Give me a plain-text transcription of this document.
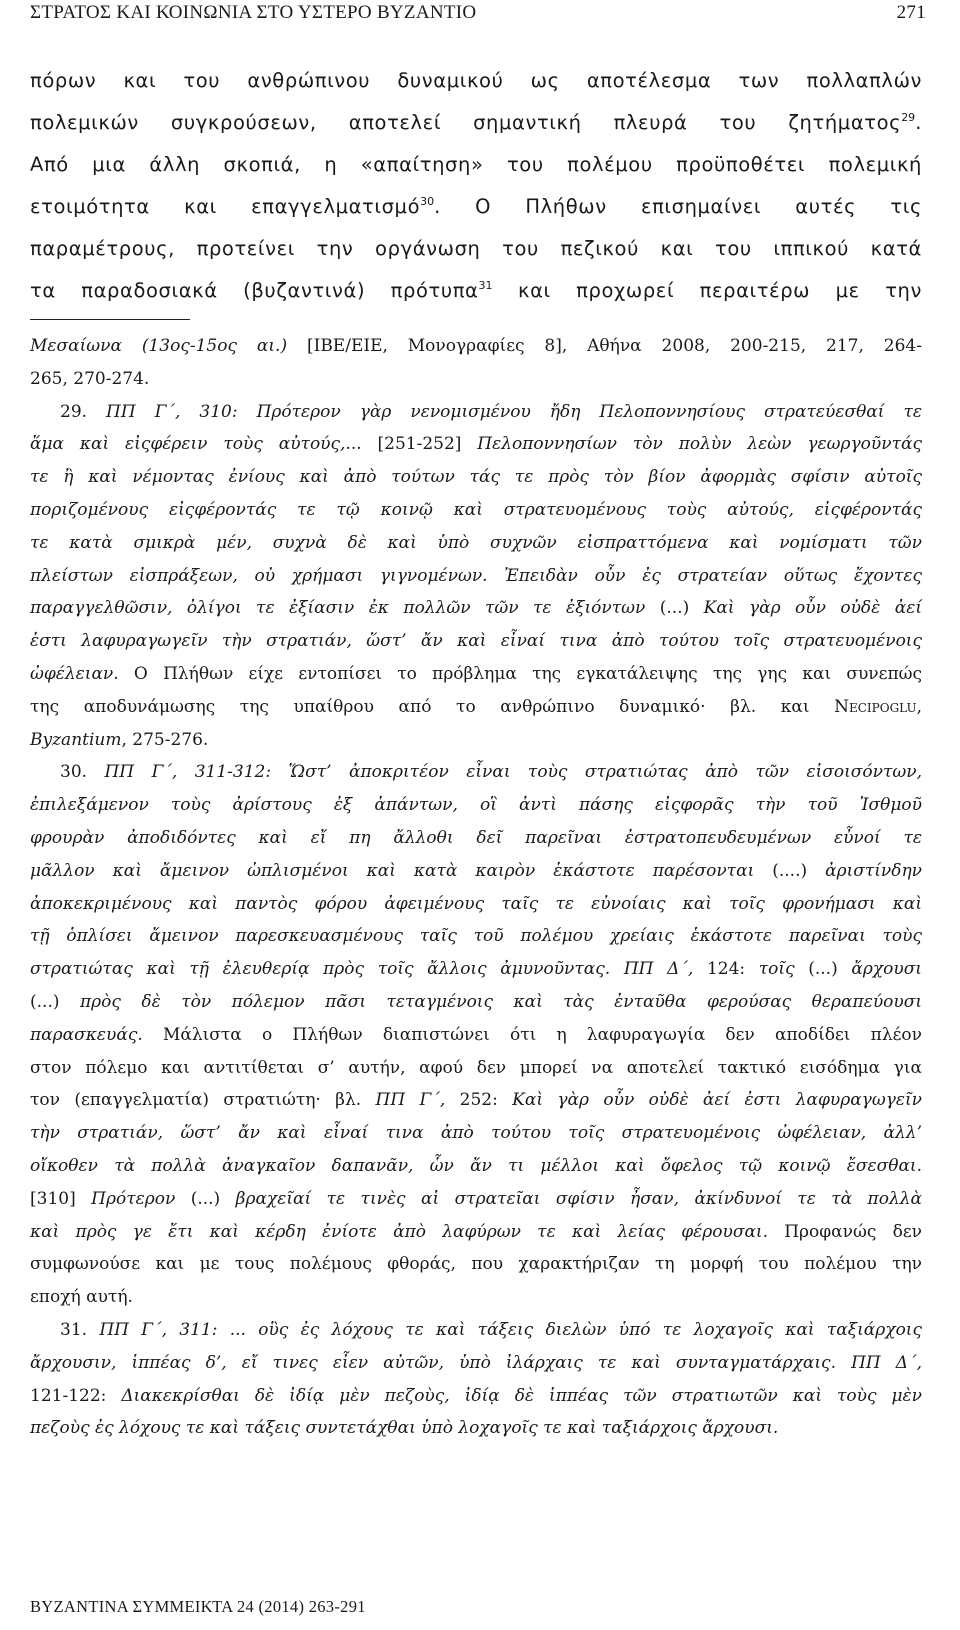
ΣΤΡΑΤΟΣ ΚΑΙ ΚΟΙΝΩΝΙΑ ΣΤΟ ΥΣΤΕΡΟ ΒΥΖΑΝΤΙΟ	271
πόρων και του ανθρώπινου δυναμικού ως αποτέλεσμα των πολλαπλών
πολεμικών συγκρούσεων, αποτελεί σημαντική πλευρά του ζητήματος$^{29}$.
Από μια άλλη σκοπιά, η «απαίτηση» του πολέμου προϋποθέτει πολεμική
ετοιμότητα και επαγγελματισμό$^{30}$. Ο Πλήθων επισημαίνει αυτές τις
παραμέτρους, προτείνει την οργάνωση του πεζικού και του ιππικού κατά
τα παραδοσιακά (βυζαντινά) πρότυπα$^{31}$ και προχωρεί περαιτέρω με την
Μεσαίωνα (13ος-15ος αι.) [ΙΒΕ/ΕΙΕ, Μονογραφίες 8], Αθήνα 2008, 200-215, 217, 264-
265, 270-274.
29. ΠΠ Γ΄, 310: Πρότερον γὰρ νενομισμένου ἤδη Πελοποννησίους στρατεύεσθαί τε
ἅμα καὶ εἰςφέρειν τοὺς αὐτούς,... [251-252] Πελοποννησίων τὸν πολὺν λεὼν γεωργοῦντάς
τε ἢ καὶ νέμοντας ἐνίους καὶ ἀπὸ τούτων τάς τε πρὸς τὸν βίον ἀφορμὰς σφίσιν αὐτοῖς
πoριζομένους εἰςφέροντάς τε τῷ κοινῷ καὶ στρατευομένους τοὺς αὐτούς, εἰςφέροντάς
τε κατὰ σμικρὰ μέν, συχνὰ δὲ καὶ ὑπὸ συχνῶν εἰσπραττόμενα καὶ νομίσματι τῶν
πλείστων εἰσπράξεων, οὐ χρήμασι γιγνομένων. Ἐπειδὰν οὖν ἐς στρατείαν οὕτως ἔχοντες
παραγγελθῶσιν, ὀλίγοι τε ἐξίασιν ἐκ πολλῶν τῶν τε ἐξιόντων (...) Καὶ γὰρ οὖν οὐδὲ ἀεί
ἐστι λαφυραγωγεῖν τὴν στρατιάν, ὥστ’ ἄν καὶ εἶναί τινα ἀπὸ τούτου τοῖς στρατευομένοις
ὠφέλειαν. Ο Πλήθων είχε εντοπίσει το πρόβλημα της εγκατάλειψης της γης και συνεπώς
της αποδυνάμωσης της υπαίθρου από το ανθρώπινο δυναμικό· βλ. και Necipoglu,
Byzantium, 275-276.
30. ΠΠ Γ΄, 311-312: Ὥστ’ ἀποκριτέον εἶναι τοὺς στρατιώτας ἀπὸ τῶν εἰσοισόντων,
ἐπιλεξάμενον τοὺς ἀρίστους ἐξ ἁπάντων, οἳ ἀντὶ πάσης εἰςφορᾶς τὴν τοῦ Ἰσθμοῦ
φρουρὰν ἀποδιδόντες καὶ εἴ πη ἄλλοθι δεῖ παρεῖναι ἐστρατοπευδευμένων εὖνοί τε
μᾶλλον καὶ ἄμεινον ὡπλισμένοι καὶ κατὰ καιρὸν ἑκάστοτε παρέσονται (....) ἀριστίνδην
ἀποκεκριμένους καὶ παντὸς φόρου ἀφειμένους ταῖς τε εὐνοίαις καὶ τοῖς φρονήμασι καὶ
τῇ ὁπλίσει ἄμεινον παρεσκευασμένους ταῖς τοῦ πολέμου χρείαις ἑκάστοτε παρεῖναι τοὺς
στρατιώτας καὶ τῇ ἐλευθερίᾳ πρὸς τοῖς ἄλλοις ἀμυνοῦντας. ΠΠ Δ΄, 124: τοῖς (...) ἄρχουσι
(...) πρὸς δὲ τὸν πόλεμον πᾶσι τεταγμένοις καὶ τὰς ἐνταῦθα φερούσας θεραπεύουσι
παρασκευάς. Μάλιστα ο Πλήθων διαπιστώνει ότι η λαφυραγωγία δεν αποδίδει πλέον
στον πόλεμο και αντιτίθεται σ’ αυτήν, αφού δεν μπορεί να αποτελεί τακτικό εισόδημα για
τον (επαγγελματία) στρατιώτη· βλ. ΠΠ Γ΄, 252: Καὶ γὰρ οὖν οὐδὲ ἀεί ἐστι λαφυραγωγεῖν
τὴν στρατιάν, ὥστ’ ἄν καὶ εἶναί τινα ἀπὸ τούτου τοῖς στρατευομένοις ὠφέλειαν, ἀλλ’
οἴκοθεν τὰ πολλὰ ἀναγκαῖον δαπανᾶν, ὧν ἄν τι μέλλοι καὶ ὄφελος τῷ κοινῷ ἔσεσθαι.
[310] Πρότερον (...) βραχεῖαί τε τινὲς αἱ στρατεῖαι σφίσιν ἦσαν, ἀκίνδυνοί τε τὰ πολλὰ
καὶ πρὸς γε ἔτι καὶ κέρδη ἐνίοτε ἀπὸ λαφύρων τε καὶ λείας φέρουσαι. Προφανώς δεν
συμφωνούσε και με τους πολέμους φθοράς, που χαρακτήριζαν τη μορφή του πολέμου την
εποχή αυτή.
31. ΠΠ Γ΄, 311: ... οὓς ἐς λόχους τε καὶ τάξεις διελὼν ὑπό τε λοχαγοῖς καὶ ταξιάρχοις
ἄρχουσιν, ἱππέας δ’, εἴ τινες εἶεν αὐτῶν, ὑπὸ ἰλάρχαις τε καὶ συνταγματάρχαις. ΠΠ Δ΄,
121-122: Διακεκρίσθαι δὲ ἰδίᾳ μὲν πεζοὺς, ἰδίᾳ δὲ ἱππέας τῶν στρατιωτῶν καὶ τοὺς μὲν
πεζοὺς ἐς λόχους τε καὶ τάξεις συντετάχθαι ὑπὸ λοχαγοῖς τε καὶ ταξιάρχοις ἄρχουσι.
ΒΥΖΑΝΤΙΝΑ ΣΥΜΜΕΙΚΤΑ 24 (2014) 263-291
